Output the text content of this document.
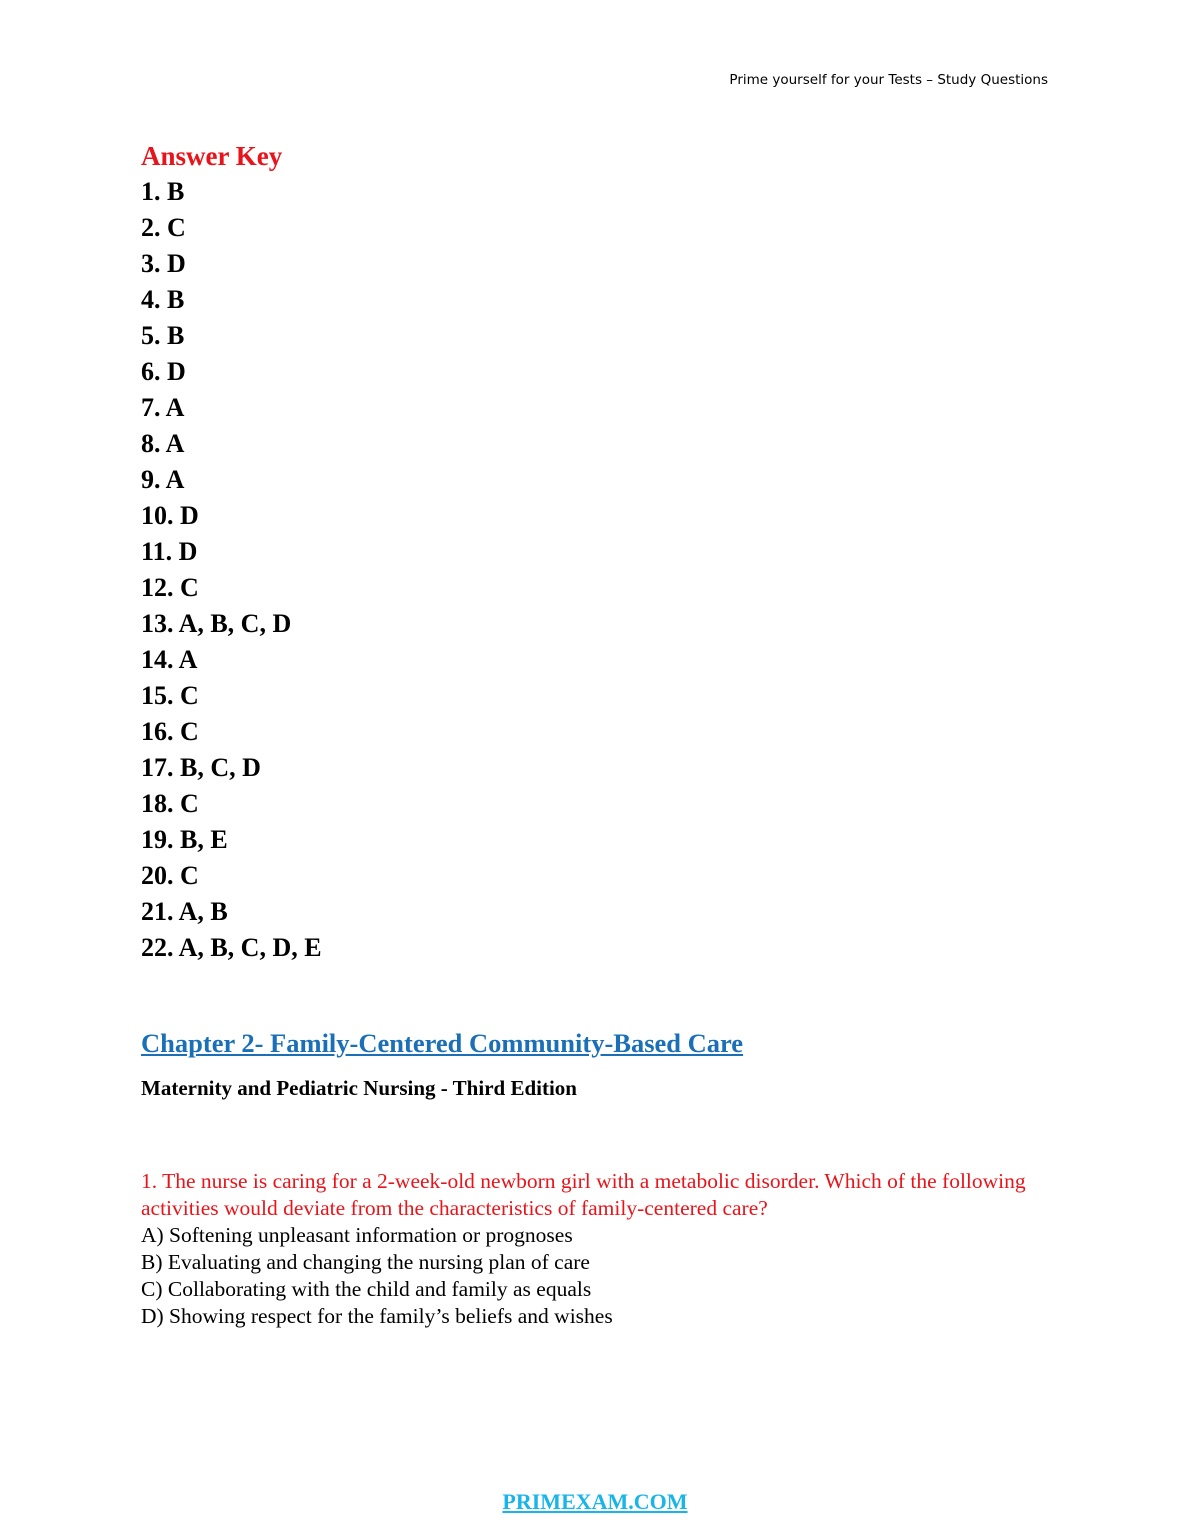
Prime yourself for your Tests – Study Questions
Answer Key
1. B
2. C
3. D
4. B
5. B
6. D
7. A
8. A
9. A
10. D
11. D
12. C
13. A, B, C, D
14. A
15. C
16. C
17. B, C, D
18. C
19. B, E
20. C
21. A, B
22. A, B, C, D, E
Chapter 2- Family-Centered Community-Based Care
Maternity and Pediatric Nursing - Third Edition
1. The nurse is caring for a 2-week-old newborn girl with a metabolic disorder. Which of the following activities would deviate from the characteristics of family-centered care?
A) Softening unpleasant information or prognoses
B) Evaluating and changing the nursing plan of care
C) Collaborating with the child and family as equals
D) Showing respect for the family’s beliefs and wishes
PRIMEXAM.COM
